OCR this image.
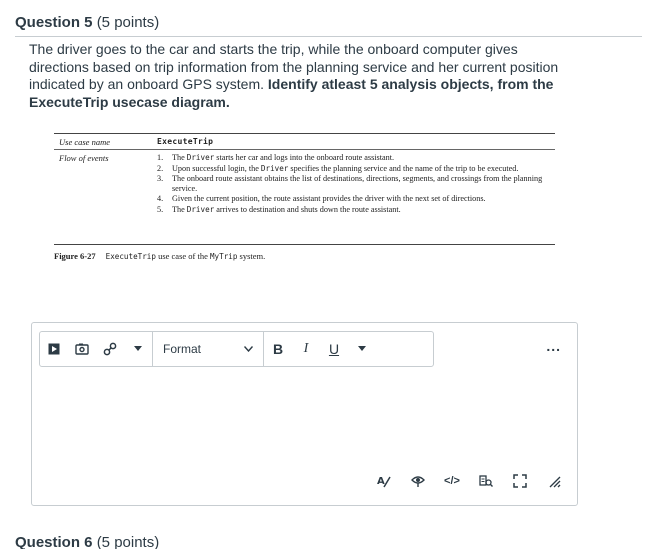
Question 5 (5 points)
The driver goes to the car and starts the trip, while the onboard computer gives directions based on trip information from the planning service and her current position indicated by an onboard GPS system. Identify atleast 5 analysis objects, from the ExecuteTrip usecase diagram.
Use case name	ExecuteTrip
Flow of events	1. The Driver starts her car and logs into the onboard route assistant.
2. Upon successful login, the Driver specifies the planning service and the name of the trip to be executed.
3. The onboard route assistant obtains the list of destinations, directions, segments, and crossings from the planning service.
4. Given the current position, the route assistant provides the driver with the next set of directions.
5. The Driver arrives to destination and shuts down the route assistant.
Figure 6-27 ExecuteTrip use case of the MyTrip system.
Format	B	I	U	...
A	</>
Question 6 (5 points)
